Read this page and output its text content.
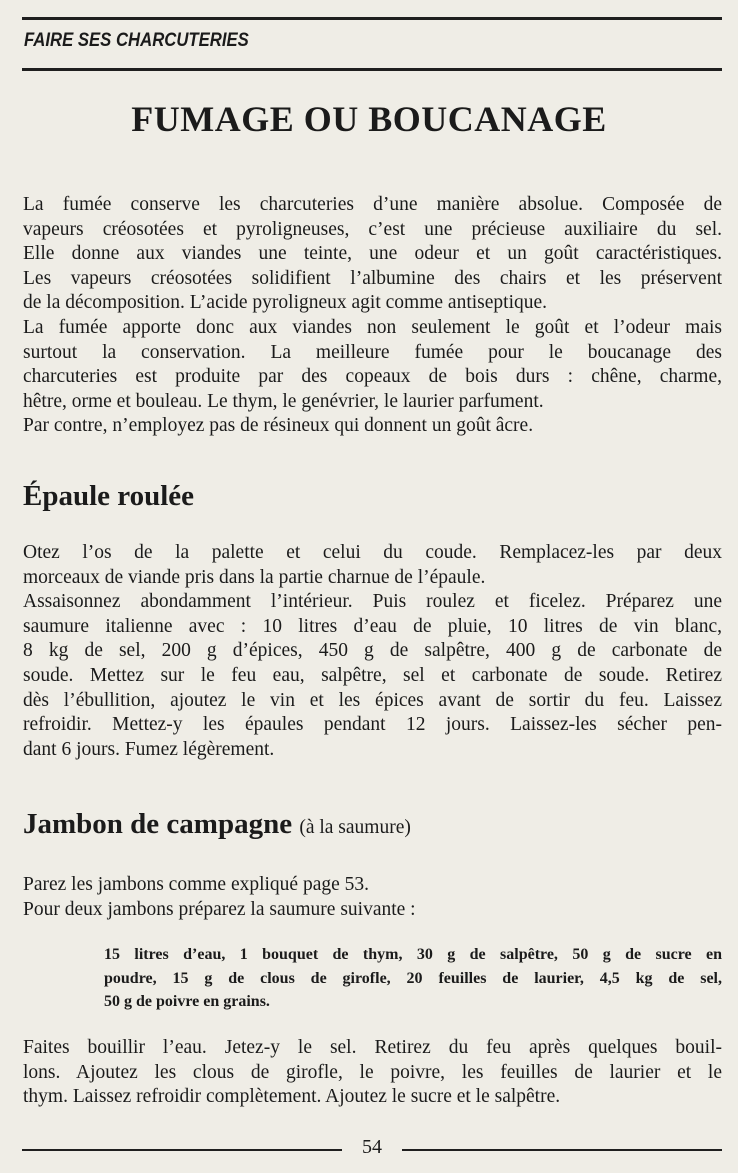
FAIRE SES CHARCUTERIES
FUMAGE OU BOUCANAGE
La fumée conserve les charcuteries d’une manière absolue. Composée de
vapeurs créosotées et pyroligneuses, c’est une précieuse auxiliaire du sel.
Elle donne aux viandes une teinte, une odeur et un goût caractéristiques.
Les vapeurs créosotées solidifient l’albumine des chairs et les préservent
de la décomposition. L’acide pyroligneux agit comme antiseptique.
La fumée apporte donc aux viandes non seulement le goût et l’odeur mais
surtout la conservation. La meilleure fumée pour le boucanage des
charcuteries est produite par des copeaux de bois durs : chêne, charme,
hêtre, orme et bouleau. Le thym, le genévrier, le laurier parfument.
Par contre, n’employez pas de résineux qui donnent un goût âcre.
Épaule roulée
Otez l’os de la palette et celui du coude. Remplacez-les par deux
morceaux de viande pris dans la partie charnue de l’épaule.
Assaisonnez abondamment l’intérieur. Puis roulez et ficelez. Préparez une
saumure italienne avec : 10 litres d’eau de pluie, 10 litres de vin blanc,
8 kg de sel, 200 g d’épices, 450 g de salpêtre, 400 g de carbonate de
soude. Mettez sur le feu eau, salpêtre, sel et carbonate de soude. Retirez
dès l’ébullition, ajoutez le vin et les épices avant de sortir du feu. Laissez
refroidir. Mettez-y les épaules pendant 12 jours. Laissez-les sécher pen-
dant 6 jours. Fumez légèrement.
Jambon de campagne (à la saumure)
Parez les jambons comme expliqué page 53.
Pour deux jambons préparez la saumure suivante :
15 litres d’eau, 1 bouquet de thym, 30 g de salpêtre, 50 g de sucre en
poudre, 15 g de clous de girofle, 20 feuilles de laurier, 4,5 kg de sel,
50 g de poivre en grains.
Faites bouillir l’eau. Jetez-y le sel. Retirez du feu après quelques bouil-
lons. Ajoutez les clous de girofle, le poivre, les feuilles de laurier et le
thym. Laissez refroidir complètement. Ajoutez le sucre et le salpêtre.
54
